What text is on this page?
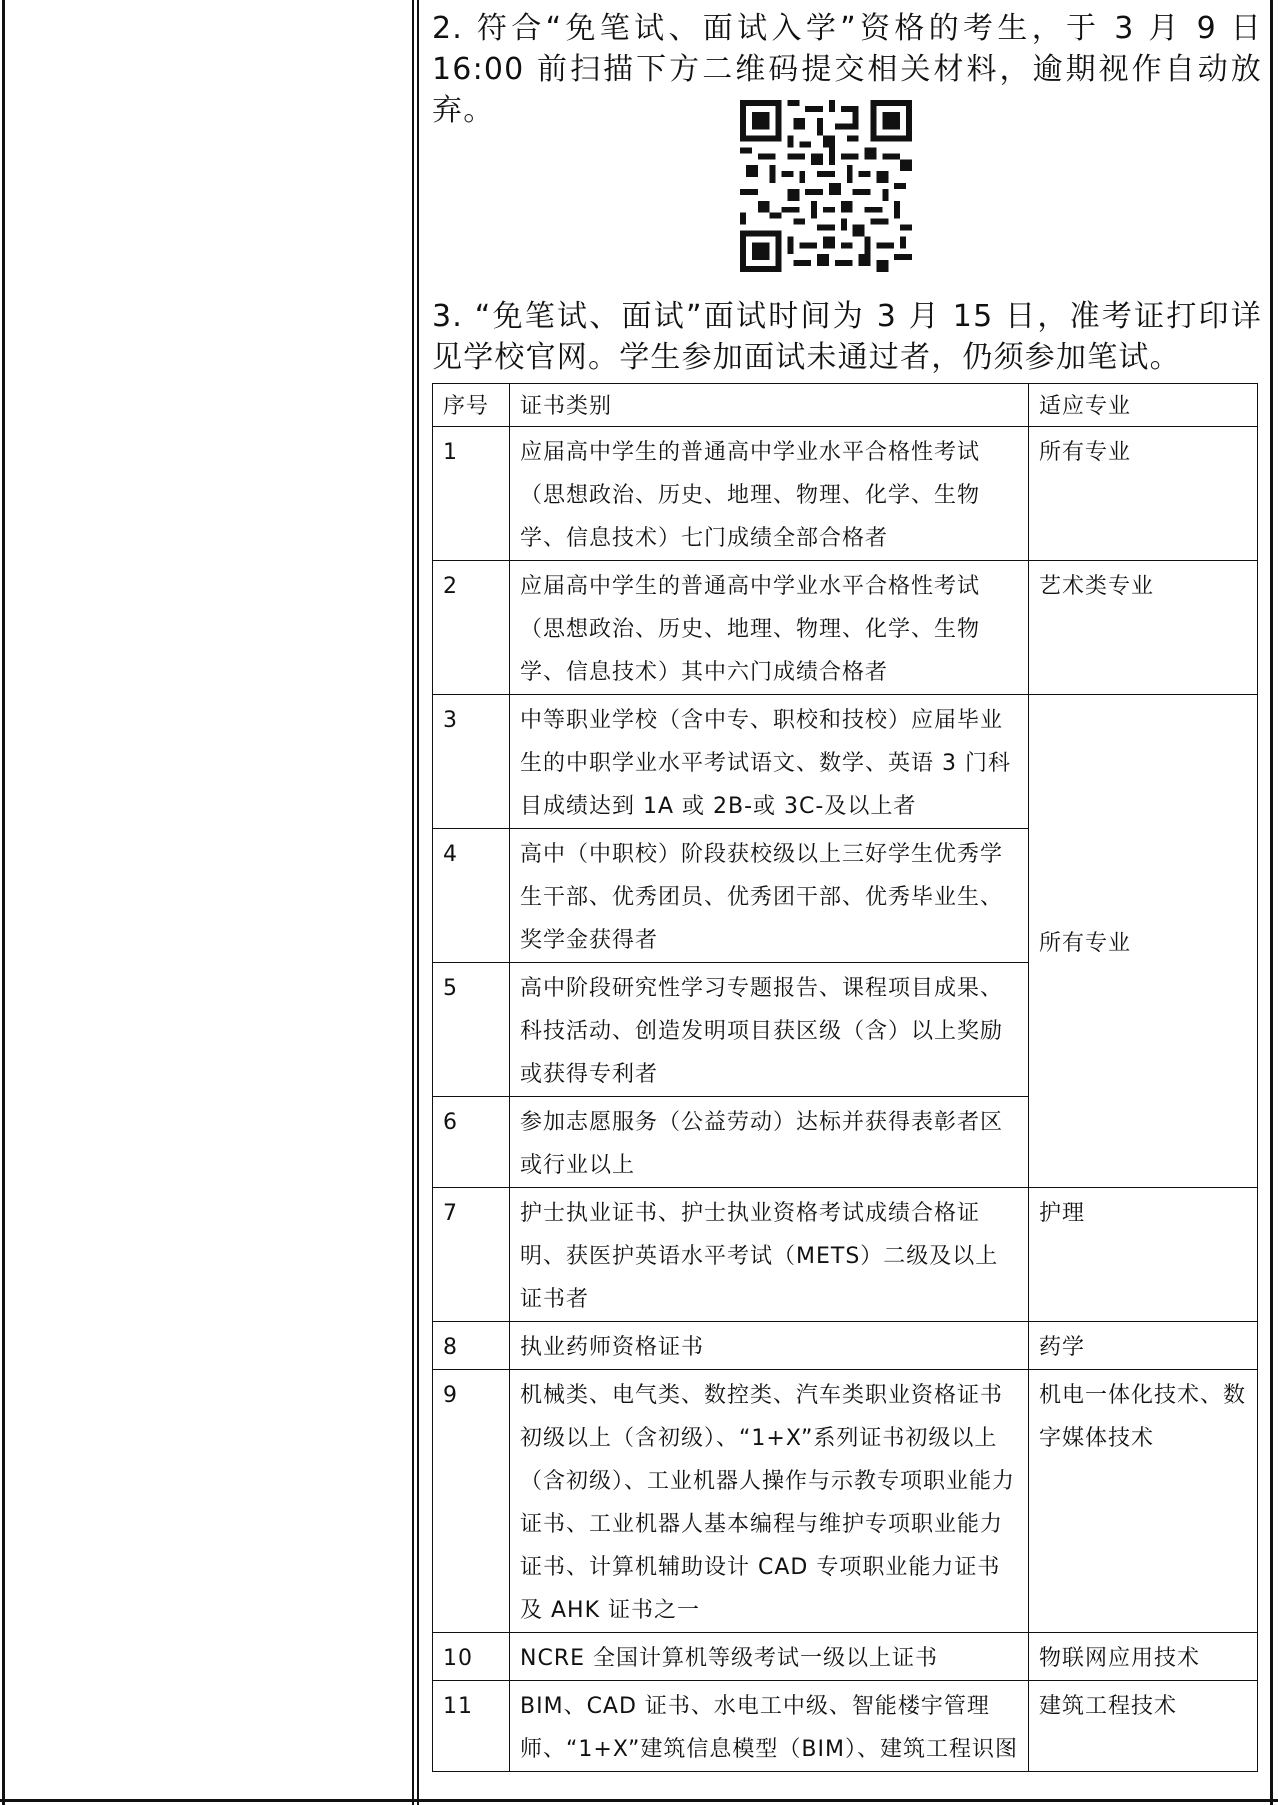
2. 符合“免笔试、面试入学”资格的考生，于 3 月 9 日 16:00 前扫描下方二维码提交相关材料，逾期视作自动放弃。

3. “免笔试、面试”面试时间为 3 月 15 日，准考证打印详见学校官网。学生参加面试未通过者，仍须参加笔试。

序号	证书类别	适应专业
1	应届高中学生的普通高中学业水平合格性考试（思想政治、历史、地理、物理、化学、生物学、信息技术）七门成绩全部合格者	所有专业
2	应届高中学生的普通高中学业水平合格性考试（思想政治、历史、地理、物理、化学、生物学、信息技术）其中六门成绩合格者	艺术类专业
3	中等职业学校（含中专、职校和技校）应届毕业生的中职学业水平考试语文、数学、英语 3 门科目成绩达到 1A 或 2B-或 3C-及以上者	所有专业
4	高中（中职校）阶段获校级以上三好学生优秀学生干部、优秀团员、优秀团干部、优秀毕业生、奖学金获得者	
5	高中阶段研究性学习专题报告、课程项目成果、科技活动、创造发明项目获区级（含）以上奖励或获得专利者	
6	参加志愿服务（公益劳动）达标并获得表彰者区或行业以上	
7	护士执业证书、护士执业资格考试成绩合格证明、获医护英语水平考试（METS）二级及以上证书者	护理
8	执业药师资格证书	药学
9	机械类、电气类、数控类、汽车类职业资格证书初级以上（含初级）、“1+X”系列证书初级以上（含初级）、工业机器人操作与示教专项职业能力证书、工业机器人基本编程与维护专项职业能力证书、计算机辅助设计 CAD 专项职业能力证书及 AHK 证书之一	机电一体化技术、数字媒体技术
10	NCRE 全国计算机等级考试一级以上证书	物联网应用技术
11	BIM、CAD 证书、水电工中级、智能楼宇管理师、“1+X”建筑信息模型（BIM）、建筑工程识图	建筑工程技术
